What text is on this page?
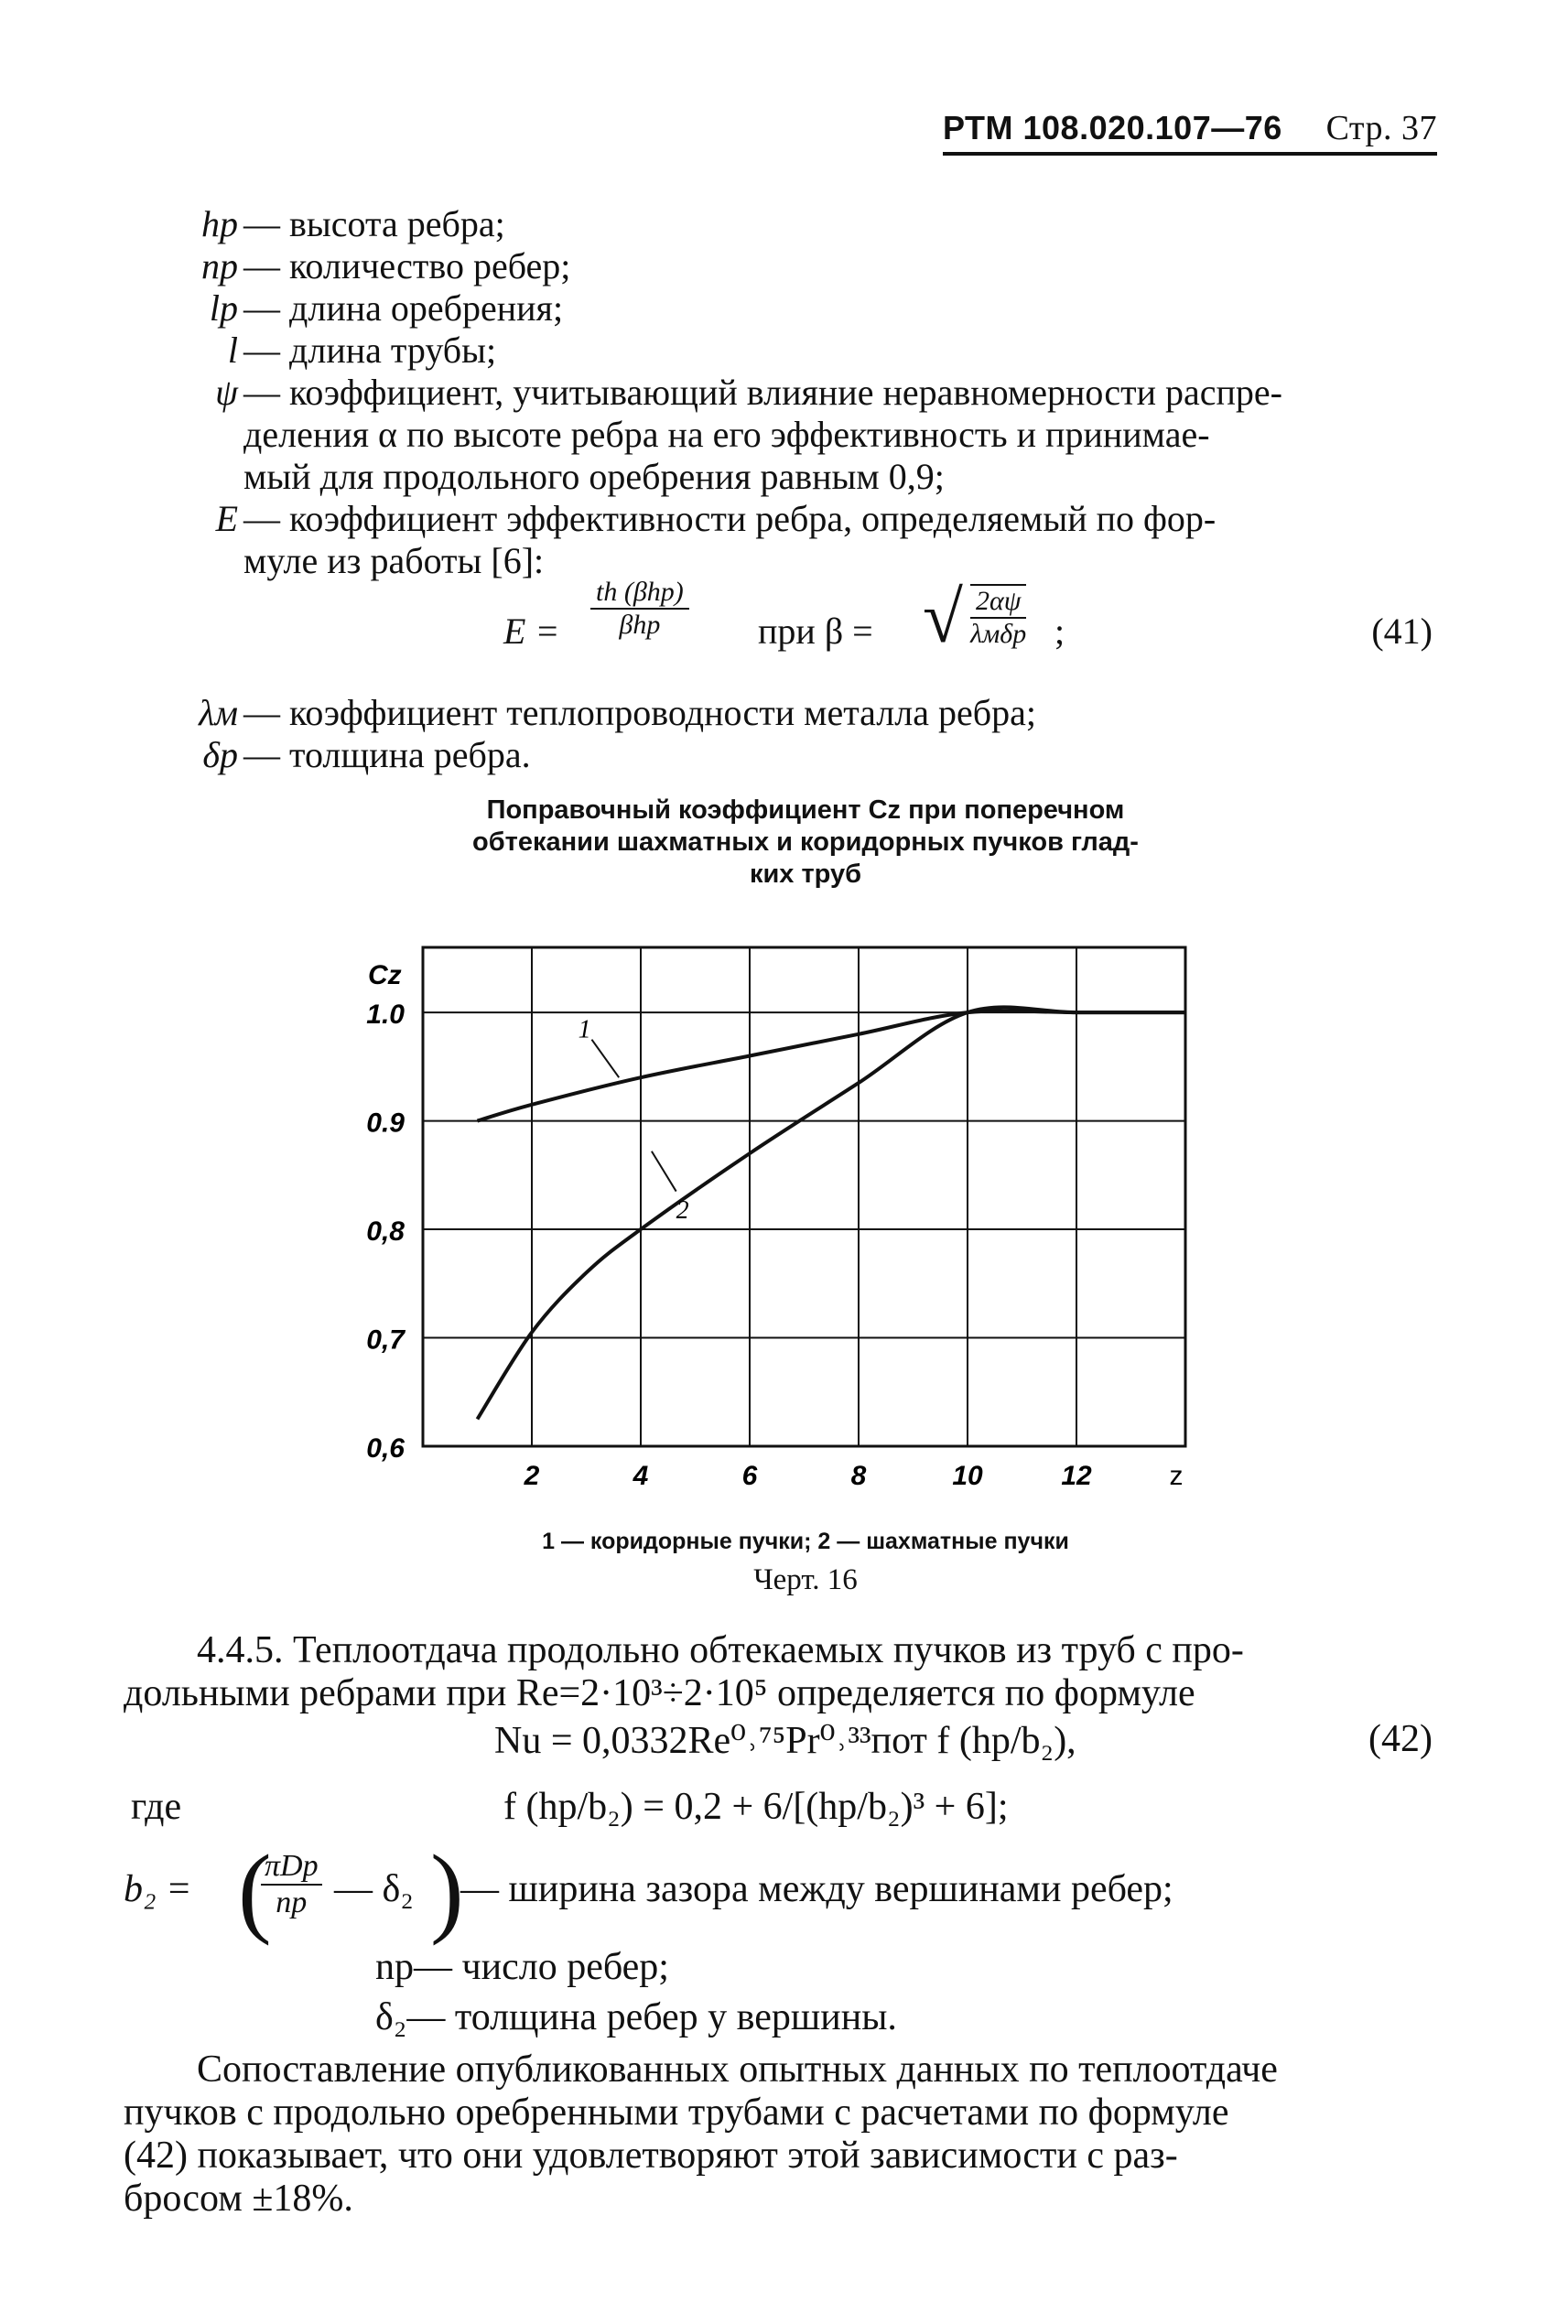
РТМ 108.020.107—76 Стр. 37
hр — высота ребра;
nр — количество ребер;
lр — длина оребрения;
l — длина трубы;
ψ — коэффициент, учитывающий влияние неравномерности распре-
деления α по высоте ребра на его эффективность и принимае-
мый для продольного оребрения равным 0,9;
E — коэффициент эффективности ребра, определяемый по фор-
муле из работы [6]:
E =
th (βhр)
βhр	при β = √ 2αψ
λмδр ;	(41)
λм — коэффициент теплопроводности металла ребра;
δр — толщина ребра.
Поправочный коэффициент Cz при поперечном
обтекании шахматных и коридорных пучков глад-
ких труб
2	4	6	8	10	12	z
1.0
0.9
0,8
0,7
0,6
Cz
1
2
1 — коридорные пучки; 2 — шахматные пучки
Черт. 16
4.4.5. Теплоотдача продольно обтекаемых пучков из труб с про-
дольными ребрами при Re=2·10³÷2·10⁵ определяется по формуле
Nu = 0,0332Re⁰˒⁷⁵Pr⁰˒³³пот f (hр/b₂),	(42)
где	f (hр/b₂) = 0,2 + 6/[(hр/b₂)³ + 6];
b₂ = (
πDр
nр — δ₂ )
— ширина зазора между вершинами ребер;
nр— число ребер;
δ₂— толщина ребер у вершины.
Сопоставление опубликованных опытных данных по теплоотдаче
пучков с продольно оребренными трубами с расчетами по формуле
(42) показывает, что они удовлетворяют этой зависимости с раз-
бросом ±18%.
